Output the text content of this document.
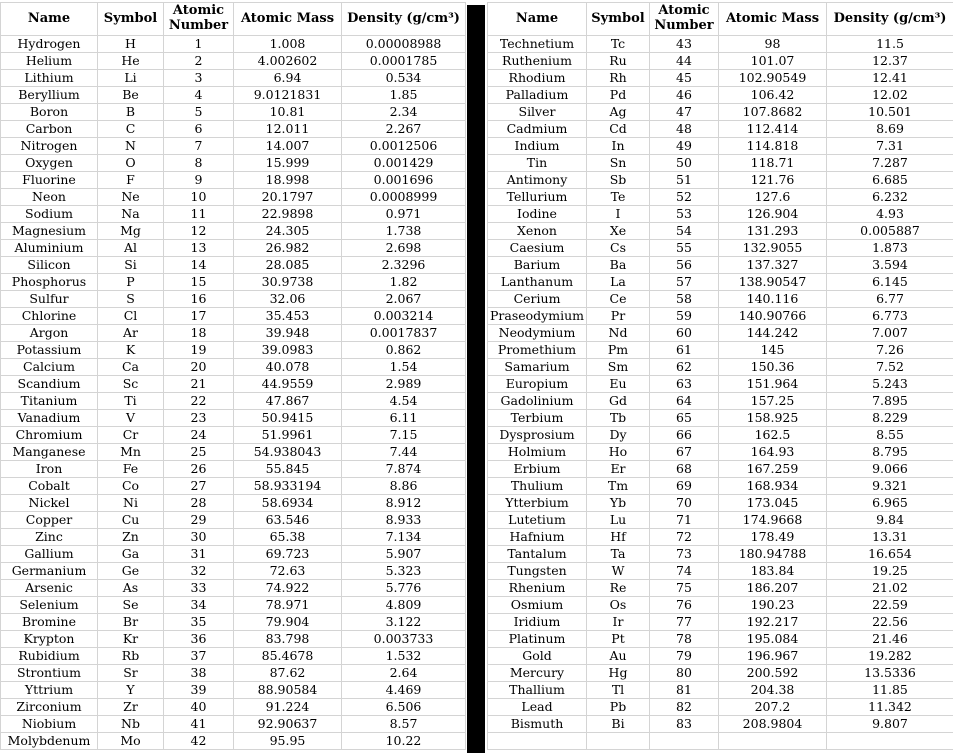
Name	Symbol	Atomic Number	Atomic Mass	Density (g/cm³)
Hydrogen	H	1	1.008	0.00008988
Helium	He	2	4.002602	0.0001785
Lithium	Li	3	6.94	0.534
Beryllium	Be	4	9.0121831	1.85
Boron	B	5	10.81	2.34
Carbon	C	6	12.011	2.267
Nitrogen	N	7	14.007	0.0012506
Oxygen	O	8	15.999	0.001429
Fluorine	F	9	18.998	0.001696
Neon	Ne	10	20.1797	0.0008999
Sodium	Na	11	22.9898	0.971
Magnesium	Mg	12	24.305	1.738
Aluminium	Al	13	26.982	2.698
Silicon	Si	14	28.085	2.3296
Phosphorus	P	15	30.9738	1.82
Sulfur	S	16	32.06	2.067
Chlorine	Cl	17	35.453	0.003214
Argon	Ar	18	39.948	0.0017837
Potassium	K	19	39.0983	0.862
Calcium	Ca	20	40.078	1.54
Scandium	Sc	21	44.9559	2.989
Titanium	Ti	22	47.867	4.54
Vanadium	V	23	50.9415	6.11
Chromium	Cr	24	51.9961	7.15
Manganese	Mn	25	54.938043	7.44
Iron	Fe	26	55.845	7.874
Cobalt	Co	27	58.933194	8.86
Nickel	Ni	28	58.6934	8.912
Copper	Cu	29	63.546	8.933
Zinc	Zn	30	65.38	7.134
Gallium	Ga	31	69.723	5.907
Germanium	Ge	32	72.63	5.323
Arsenic	As	33	74.922	5.776
Selenium	Se	34	78.971	4.809
Bromine	Br	35	79.904	3.122
Krypton	Kr	36	83.798	0.003733
Rubidium	Rb	37	85.4678	1.532
Strontium	Sr	38	87.62	2.64
Yttrium	Y	39	88.90584	4.469
Zirconium	Zr	40	91.224	6.506
Niobium	Nb	41	92.90637	8.57
Molybdenum	Mo	42	95.95	10.22
Name	Symbol	Atomic Number	Atomic Mass	Density (g/cm³)
Technetium	Tc	43	98	11.5
Ruthenium	Ru	44	101.07	12.37
Rhodium	Rh	45	102.90549	12.41
Palladium	Pd	46	106.42	12.02
Silver	Ag	47	107.8682	10.501
Cadmium	Cd	48	112.414	8.69
Indium	In	49	114.818	7.31
Tin	Sn	50	118.71	7.287
Antimony	Sb	51	121.76	6.685
Tellurium	Te	52	127.6	6.232
Iodine	I	53	126.904	4.93
Xenon	Xe	54	131.293	0.005887
Caesium	Cs	55	132.9055	1.873
Barium	Ba	56	137.327	3.594
Lanthanum	La	57	138.90547	6.145
Cerium	Ce	58	140.116	6.77
Praseodymium	Pr	59	140.90766	6.773
Neodymium	Nd	60	144.242	7.007
Promethium	Pm	61	145	7.26
Samarium	Sm	62	150.36	7.52
Europium	Eu	63	151.964	5.243
Gadolinium	Gd	64	157.25	7.895
Terbium	Tb	65	158.925	8.229
Dysprosium	Dy	66	162.5	8.55
Holmium	Ho	67	164.93	8.795
Erbium	Er	68	167.259	9.066
Thulium	Tm	69	168.934	9.321
Ytterbium	Yb	70	173.045	6.965
Lutetium	Lu	71	174.9668	9.84
Hafnium	Hf	72	178.49	13.31
Tantalum	Ta	73	180.94788	16.654
Tungsten	W	74	183.84	19.25
Rhenium	Re	75	186.207	21.02
Osmium	Os	76	190.23	22.59
Iridium	Ir	77	192.217	22.56
Platinum	Pt	78	195.084	21.46
Gold	Au	79	196.967	19.282
Mercury	Hg	80	200.592	13.5336
Thallium	Tl	81	204.38	11.85
Lead	Pb	82	207.2	11.342
Bismuth	Bi	83	208.9804	9.807
